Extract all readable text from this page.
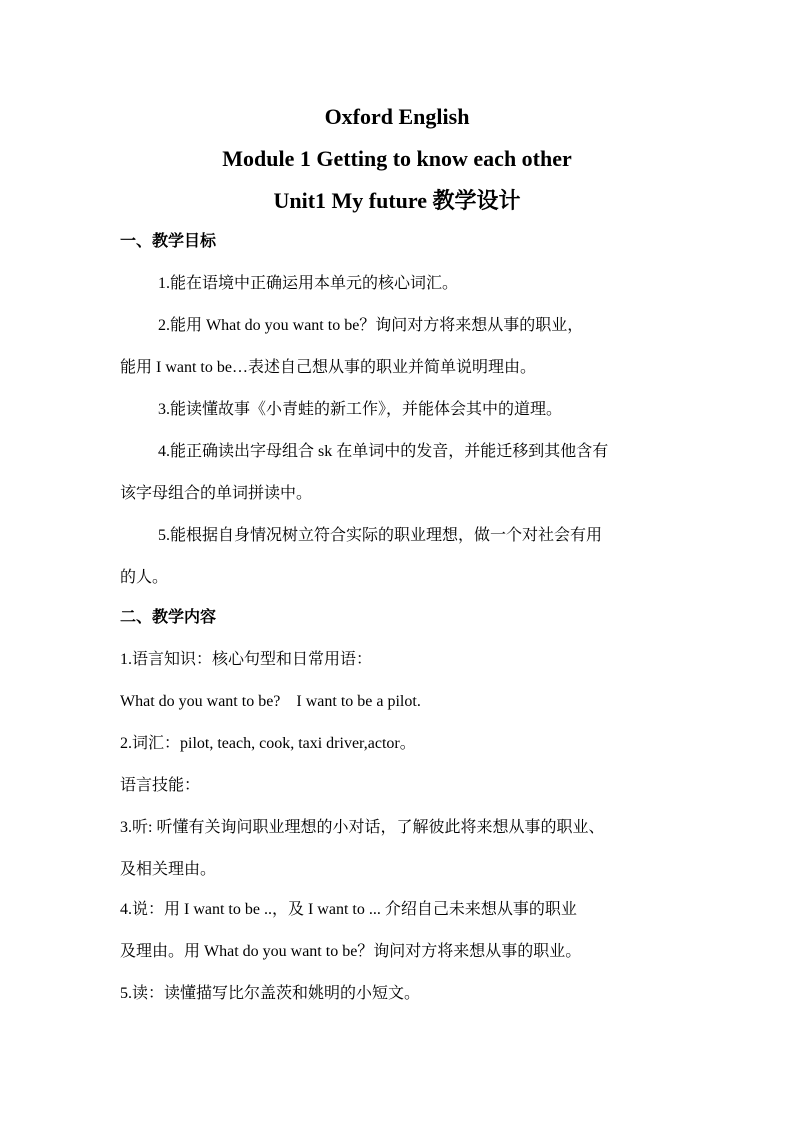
Oxford English
Module 1 Getting to know each other
Unit1 My future 教学设计
一、教学目标
1.能在语境中正确运用本单元的核心词汇。
2.能用 What do you want to be？询问对方将来想从事的职业，
能用 I want to be…表述自己想从事的职业并简单说明理由。
3.能读懂故事《小青蛙的新工作》，并能体会其中的道理。
4.能正确读出字母组合 sk 在单词中的发音，并能迁移到其他含有
该字母组合的单词拼读中。
5.能根据自身情况树立符合实际的职业理想，做一个对社会有用
的人。
二、教学内容
1.语言知识：核心句型和日常用语：
What do you want to be?    I want to be a pilot.
2.词汇：pilot, teach, cook, taxi driver,actor。
语言技能：
3.听: 听懂有关询问职业理想的小对话，了解彼此将来想从事的职业、
及相关理由。
4.说：用 I want to be ..，及 I want to ... 介绍自己未来想从事的职业
及理由。用 What do you want to be？询问对方将来想从事的职业。
5.读：读懂描写比尔盖茨和姚明的小短文。
